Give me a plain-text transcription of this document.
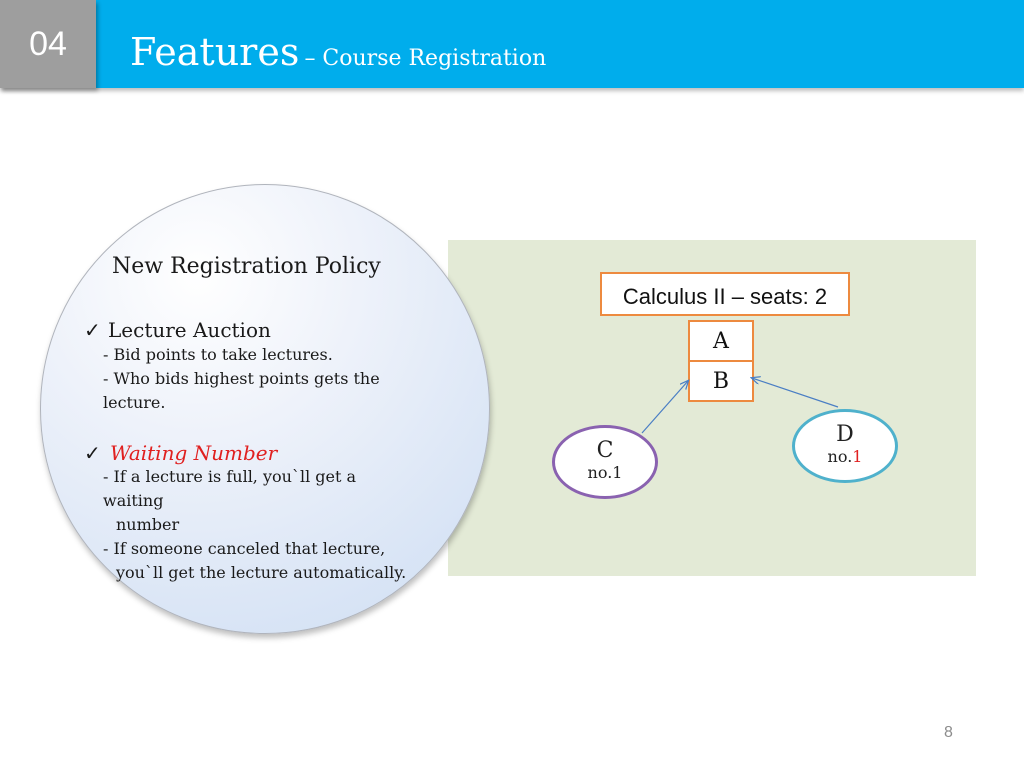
04	Features – Course Registration
New Registration Policy
✓ Lecture Auction
- Bid points to take lectures.
- Who bids highest points gets the
lecture.
✓ Waiting Number
- If a lecture is full, you`ll get a
waiting
number
- If someone canceled that lecture,
you`ll get the lecture automatically.
Calculus II – seats: 2
A
B
C
no.1
D
no.1
8
